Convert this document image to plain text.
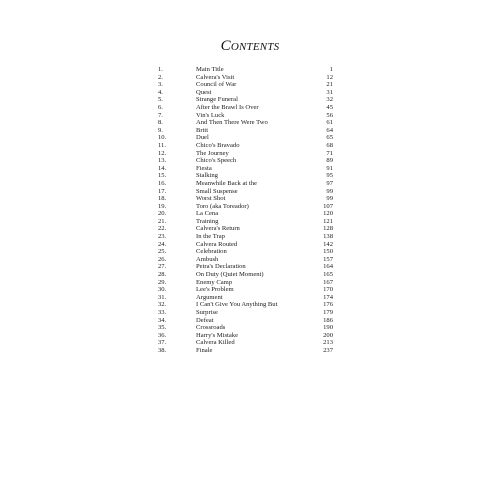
Contents
1.	Main Title	1
2.	Calvera's Visit	12
3.	Council of War	21
4.	Quest	31
5.	Strange Funeral	32
6.	After the Brawl Is Over	45
7.	Vin's Luck	56
8.	And Then There Were Two	61
9.	Britt	64
10.	Duel	65
11.	Chico's Bravado	68
12.	The Journey	71
13.	Chico's Speech	89
14.	Fiesta	91
15.	Stalking	95
16.	Meanwhile Back at the	97
17.	Small Suspense	99
18.	Worst Shot	99
19.	Toro (aka Toreador)	107
20.	La Cena	120
21.	Training	121
22.	Calvera's Return	128
23.	In the Trap	138
24.	Calvera Routed	142
25.	Celebration	150
26.	Ambush	157
27.	Petra's Declaration	164
28.	On Duty (Quiet Moment)	165
29.	Enemy Camp	167
30.	Lee's Problem	170
31.	Argument	174
32.	I Can't Give You Anything But	176
33.	Surprise	179
34.	Defeat	186
35.	Crossroads	190
36.	Harry's Mistake	200
37.	Calvera Killed	213
38.	Finale	237
